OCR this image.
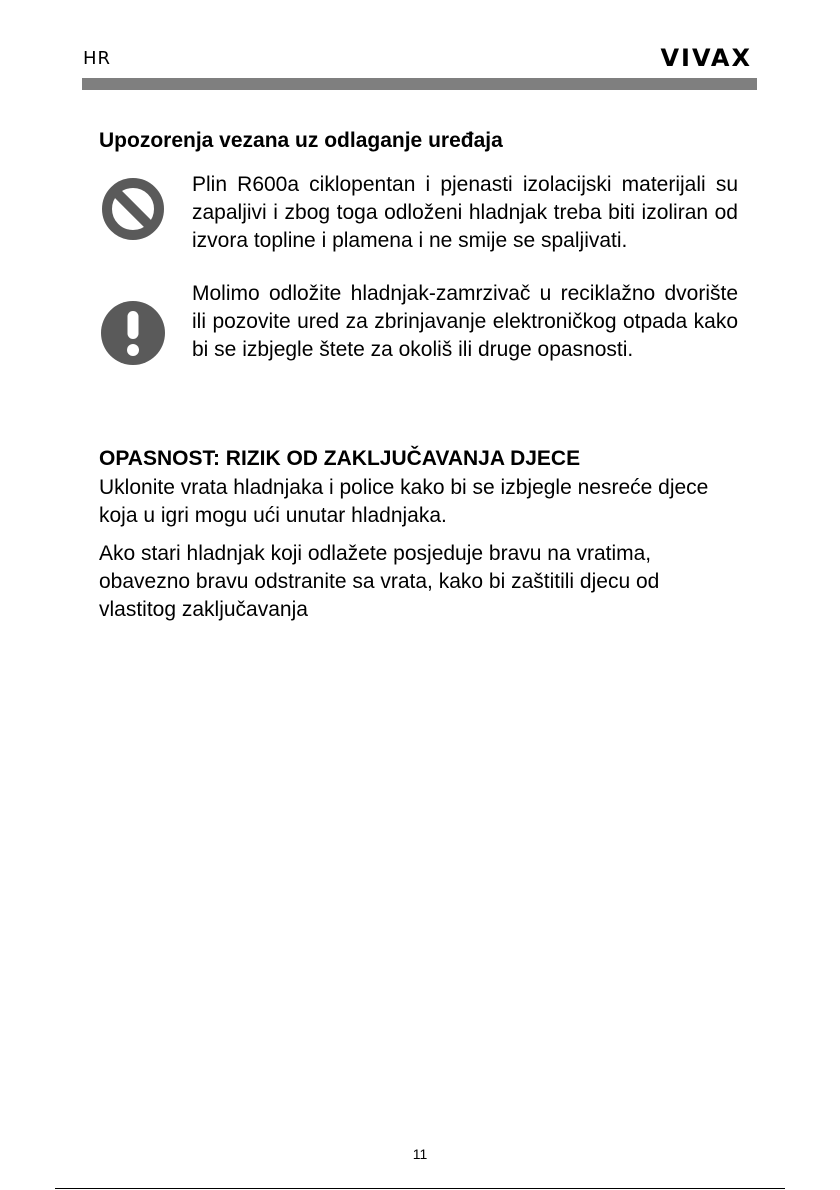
HR	VIVAX
Upozorenja vezana uz odlaganje uređaja
Plin R600a ciklopentan i pjenasti izolacijski materijali su zapaljivi i zbog toga odloženi hladnjak treba biti izoliran od izvora topline i plamena i ne smije se spaljivati.
Molimo odložite hladnjak-zamrzivač u reciklažno dvorište ili pozovite ured za zbrinjavanje elektroničkog otpada kako bi se izbjegle štete za okoliš ili druge opasnosti.
OPASNOST: RIZIK OD ZAKLJUČAVANJA DJECE
Uklonite vrata hladnjaka i police kako bi se izbjegle nesreće djece koja u igri mogu ući unutar hladnjaka.
Ako stari hladnjak koji odlažete posjeduje bravu na vratima, obavezno bravu odstranite sa vrata, kako bi zaštitili djecu od vlastitog zaključavanja
11
